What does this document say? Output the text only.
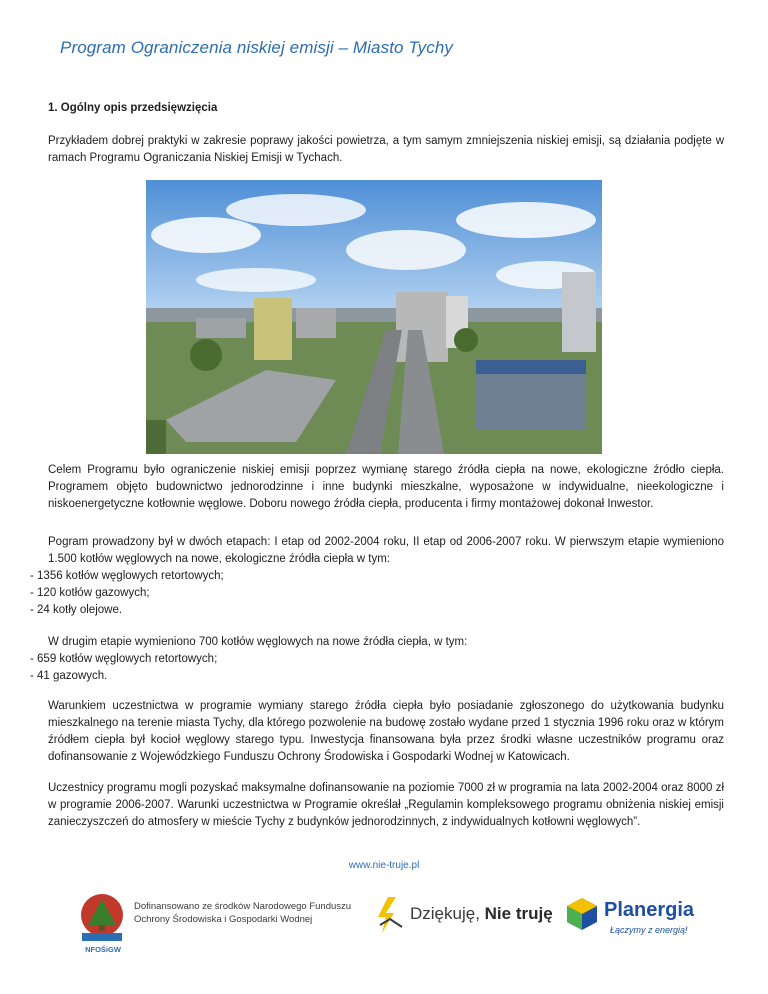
Program Ograniczenia niskiej emisji – Miasto Tychy
1. Ogólny opis przedsięwzięcia
Przykładem dobrej praktyki w zakresie poprawy jakości powietrza, a tym samym zmniejszenia niskiej emisji, są działania podjęte w ramach Programu Ograniczania Niskiej Emisji w Tychach.
Celem Programu było ograniczenie niskiej emisji poprzez wymianę starego źródła ciepła na nowe, ekologiczne źródło ciepła. Programem objęto budownictwo jednorodzinne i inne budynki mieszkalne, wyposażone w indywidualne, nieekologiczne i niskoenergetyczne kotłownie węglowe. Doboru nowego źródła ciepła, producenta i firmy montażowej dokonał Inwestor.
Pogram prowadzony był w dwóch etapach: I etap od 2002-2004 roku, II etap od 2006-2007 roku. W pierwszym etapie wymieniono 1.500 kotłów węglowych na nowe, ekologiczne źródła ciepła w tym:
- 1356 kotłów węglowych retortowych;
- 120 kotłów gazowych;
- 24 kotły olejowe.
W drugim etapie wymieniono 700 kotłów węglowych na nowe źródła ciepła, w tym:
- 659 kotłów węglowych retortowych;
- 41 gazowych.
Warunkiem uczestnictwa w programie wymiany starego źródła ciepła było posiadanie zgłoszonego do użytkowania budynku mieszkalnego na terenie miasta Tychy, dla którego pozwolenie na budowę zostało wydane przed 1 stycznia 1996 roku oraz w którym źródłem ciepła był kocioł węglowy starego typu. Inwestycja finansowana była przez środki własne uczestników programu oraz dofinansowanie z Wojewódzkiego Funduszu Ochrony Środowiska i Gospodarki Wodnej w Katowicach.
Uczestnicy programu mogli pozyskać maksymalne dofinansowanie na poziomie 7000 zł w programia na lata 2002-2004 oraz 8000 zł w programie 2006-2007. Warunki uczestnictwa w Programie określał „Regulamin kompleksowego programu obniżenia niskiej emisji zanieczyszczeń do atmosfery w mieście Tychy z budynków jednorodzinnych, z indywidualnych kotłowni węglowych”.
www.nie-truje.pl
NFOŚiGW
Dofinansowano ze środków Narodowego Funduszu
Ochrony Środowiska i Gospodarki Wodnej	Dziękuję, Nie truję	Planergia
Łączymy z energią!
